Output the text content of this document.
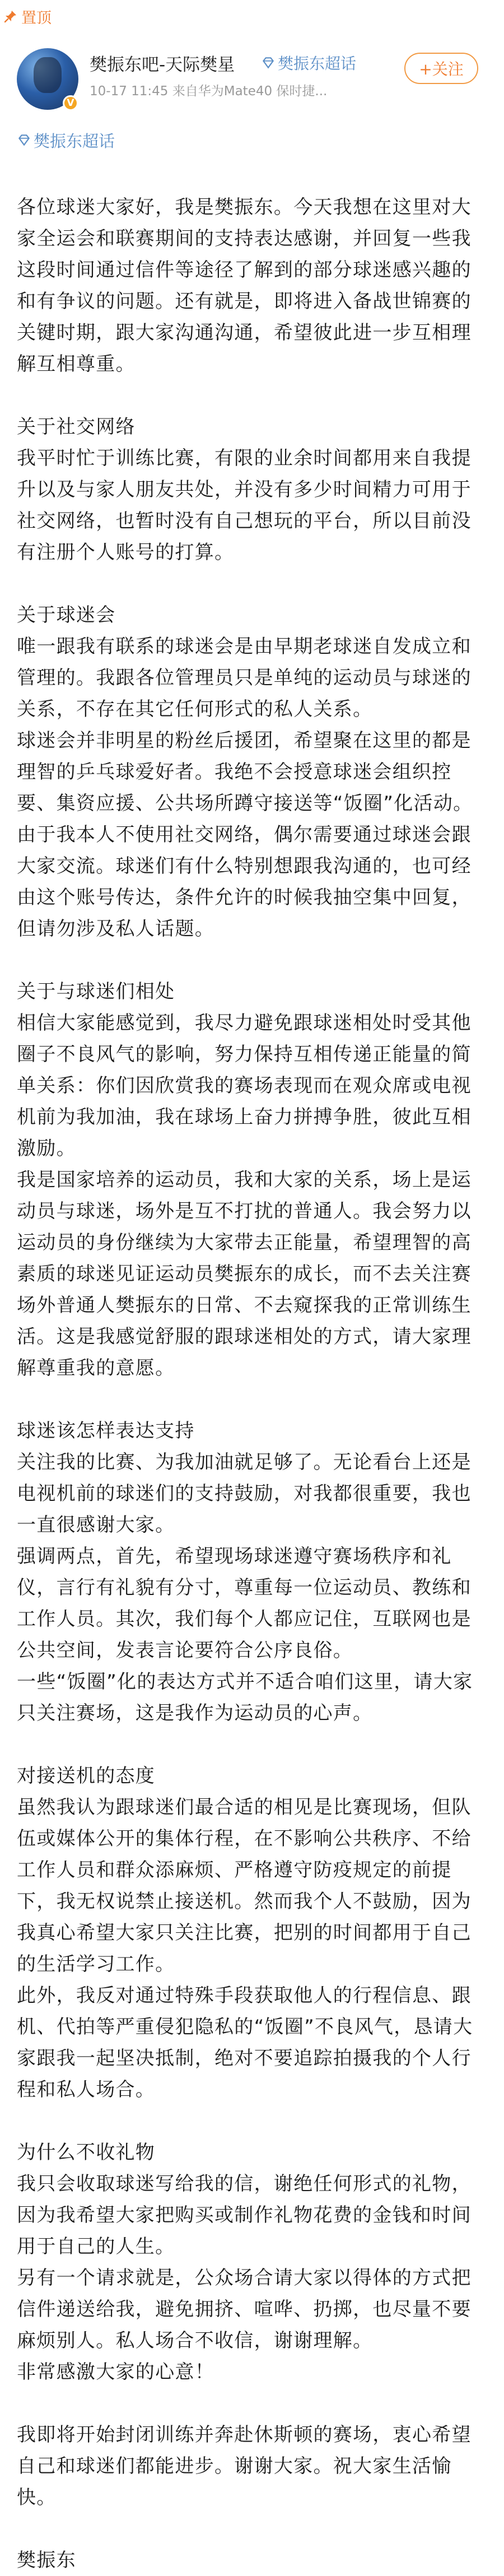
置顶
V
樊振东吧-天际樊星	樊振东超话
10-17 11:45 来自华为Mate40 保时捷...
+关注
樊振东超话

各位球迷大家好，我是樊振东。今天我想在这里对大家全运会和联赛期间的支持表达感谢，并回复一些我这段时间通过信件等途径了解到的部分球迷感兴趣的和有争议的问题。还有就是，即将进入备战世锦赛的关键时期，跟大家沟通沟通，希望彼此进一步互相理解互相尊重。

关于社交网络

我平时忙于训练比赛，有限的业余时间都用来自我提升以及与家人朋友共处，并没有多少时间精力可用于社交网络，也暂时没有自己想玩的平台，所以目前没有注册个人账号的打算。

关于球迷会

唯一跟我有联系的球迷会是由早期老球迷自发成立和管理的。我跟各位管理员只是单纯的运动员与球迷的关系，不存在其它任何形式的私人关系。

球迷会并非明星的粉丝后援团，希望聚在这里的都是理智的乒乓球爱好者。我绝不会授意球迷会组织控要、集资应援、公共场所蹲守接送等“饭圈”化活动。

由于我本人不使用社交网络，偶尔需要通过球迷会跟大家交流。球迷们有什么特别想跟我沟通的，也可经由这个账号传达，条件允许的时候我抽空集中回复，但请勿涉及私人话题。

关于与球迷们相处

相信大家能感觉到，我尽力避免跟球迷相处时受其他圈子不良风气的影响，努力保持互相传递正能量的简单关系：你们因欣赏我的赛场表现而在观众席或电视机前为我加油，我在球场上奋力拼搏争胜，彼此互相激励。

我是国家培养的运动员，我和大家的关系，场上是运动员与球迷，场外是互不打扰的普通人。我会努力以运动员的身份继续为大家带去正能量，希望理智的高素质的球迷见证运动员樊振东的成长，而不去关注赛场外普通人樊振东的日常、不去窥探我的正常训练生活。这是我感觉舒服的跟球迷相处的方式，请大家理解尊重我的意愿。

球迷该怎样表达支持

关注我的比赛、为我加油就足够了。无论看台上还是电视机前的球迷们的支持鼓励，对我都很重要，我也一直很感谢大家。

强调两点，首先，希望现场球迷遵守赛场秩序和礼仪，言行有礼貌有分寸，尊重每一位运动员、教练和工作人员。其次，我们每个人都应记住，互联网也是公共空间，发表言论要符合公序良俗。

一些“饭圈”化的表达方式并不适合咱们这里，请大家只关注赛场，这是我作为运动员的心声。

对接送机的态度

虽然我认为跟球迷们最合适的相见是比赛现场，但队伍或媒体公开的集体行程，在不影响公共秩序、不给工作人员和群众添麻烦、严格遵守防疫规定的前提下，我无权说禁止接送机。然而我个人不鼓励，因为我真心希望大家只关注比赛，把别的时间都用于自己的生活学习工作。

此外，我反对通过特殊手段获取他人的行程信息、跟机、代拍等严重侵犯隐私的“饭圈”不良风气，恳请大家跟我一起坚决抵制，绝对不要追踪拍摄我的个人行程和私人场合。

为什么不收礼物

我只会收取球迷写给我的信，谢绝任何形式的礼物，因为我希望大家把购买或制作礼物花费的金钱和时间用于自己的人生。

另有一个请求就是，公众场合请大家以得体的方式把信件递送给我，避免拥挤、喧哗、扔掷，也尽量不要麻烦别人。私人场合不收信，谢谢理解。

非常感激大家的心意！

我即将开始封闭训练并奔赴休斯顿的赛场，衷心希望自己和球迷们都能进步。谢谢大家。祝大家生活愉快。

樊振东
